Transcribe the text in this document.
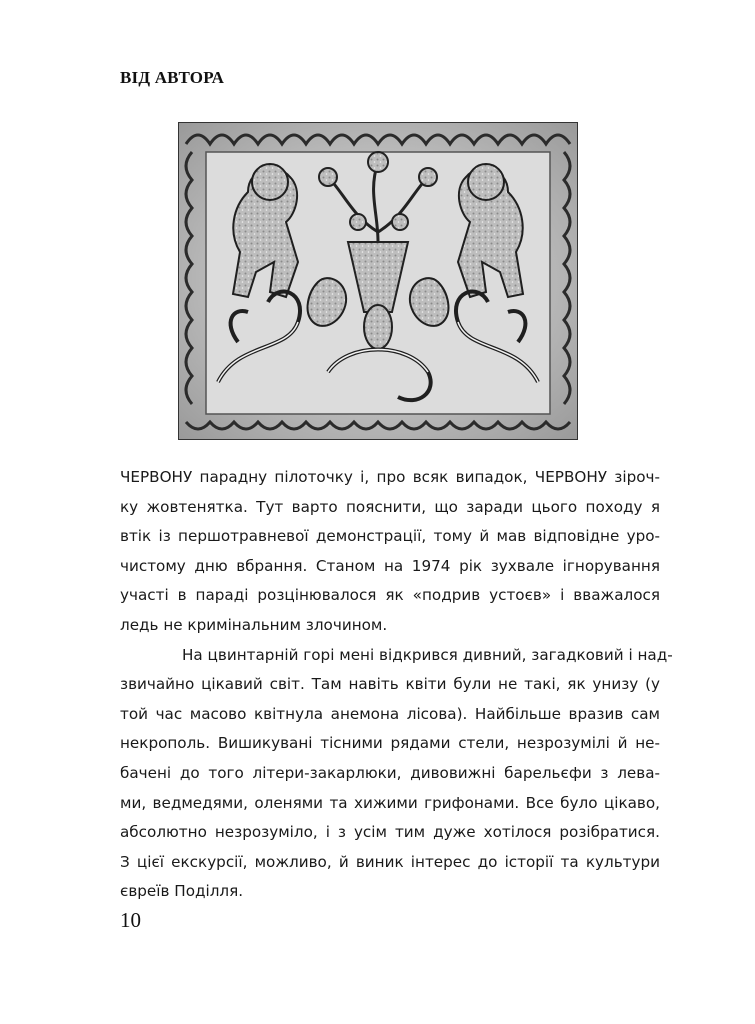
ВІД АВТОРА

ЧЕРВОНУ парадну пілоточку і, про всяк випадок, ЧЕРВОНУ зіроч-
ку жовтенятка. Тут варто пояснити, що заради цього походу я
втік із першотравневої демонстрації, тому й мав відповідне уро-
чистому дню вбрання. Станом на 1974 рік зухвале ігнорування
участі в параді розцінювалося як «подрив устоєв» і вважалося
ледь не кримінальним злочином.

На цвинтарній горі мені відкрився дивний, загадковий і над-
звичайно цікавий світ. Там навіть квіти були не такі, як унизу (у
той час масово квітнула анемона лісова). Найбільше вразив сам
некрополь. Вишикувані тісними рядами стели, незрозумілі й не-
бачені до того літери-закарлюки, дивовижні барельєфи з лева-
ми, ведмедями, оленями та хижими грифонами. Все було цікаво,
абсолютно незрозуміло, і з усім тим дуже хотілося розібратися.
З цієї екскурсії, можливо, й виник інтерес до історії та культури
євреїв Поділля.

10
